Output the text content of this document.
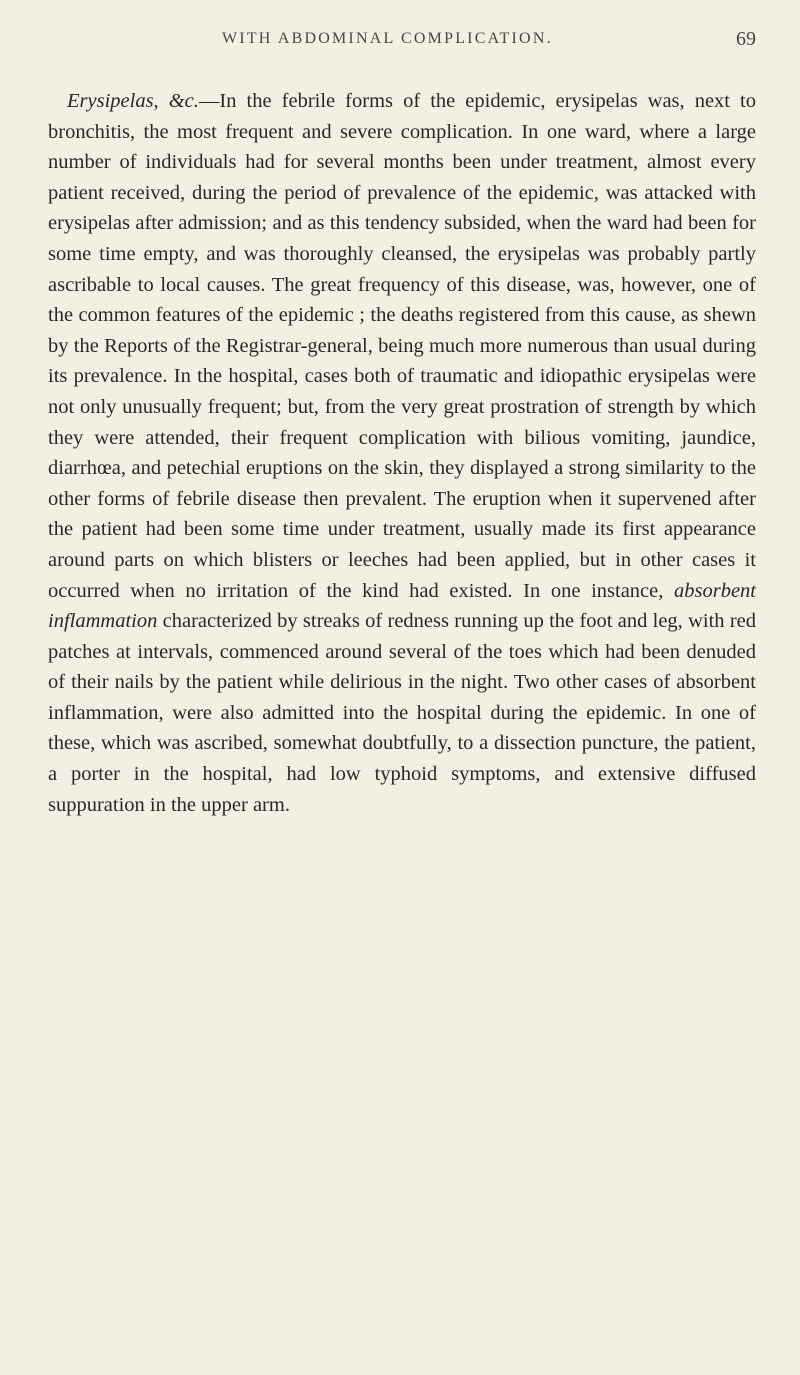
WITH ABDOMINAL COMPLICATION.	69

Erysipelas, &c.—In the febrile forms of the epidemic, erysipelas was, next to bronchitis, the most frequent and severe complication. In one ward, where a large number of individuals had for several months been under treatment, almost every patient received, during the period of prevalence of the epidemic, was attacked with erysipelas after admission; and as this tendency subsided, when the ward had been for some time empty, and was thoroughly cleansed, the erysipelas was probably partly ascribable to local causes. The great frequency of this disease, was, however, one of the common features of the epidemic ; the deaths registered from this cause, as shewn by the Reports of the Registrar-general, being much more numerous than usual during its prevalence. In the hospital, cases both of traumatic and idiopathic erysipelas were not only unusually frequent; but, from the very great prostration of strength by which they were attended, their frequent complication with bilious vomiting, jaundice, diarrhœa, and petechial eruptions on the skin, they displayed a strong similarity to the other forms of febrile disease then prevalent. The eruption when it supervened after the patient had been some time under treatment, usually made its first appearance around parts on which blisters or leeches had been applied, but in other cases it occurred when no irritation of the kind had existed. In one instance, absorbent inflammation characterized by streaks of redness running up the foot and leg, with red patches at intervals, commenced around several of the toes which had been denuded of their nails by the patient while delirious in the night. Two other cases of absorbent inflammation, were also admitted into the hospital during the epidemic. In one of these, which was ascribed, somewhat doubtfully, to a dissection puncture, the patient, a porter in the hospital, had low typhoid symptoms, and extensive diffused suppuration in the upper arm.
